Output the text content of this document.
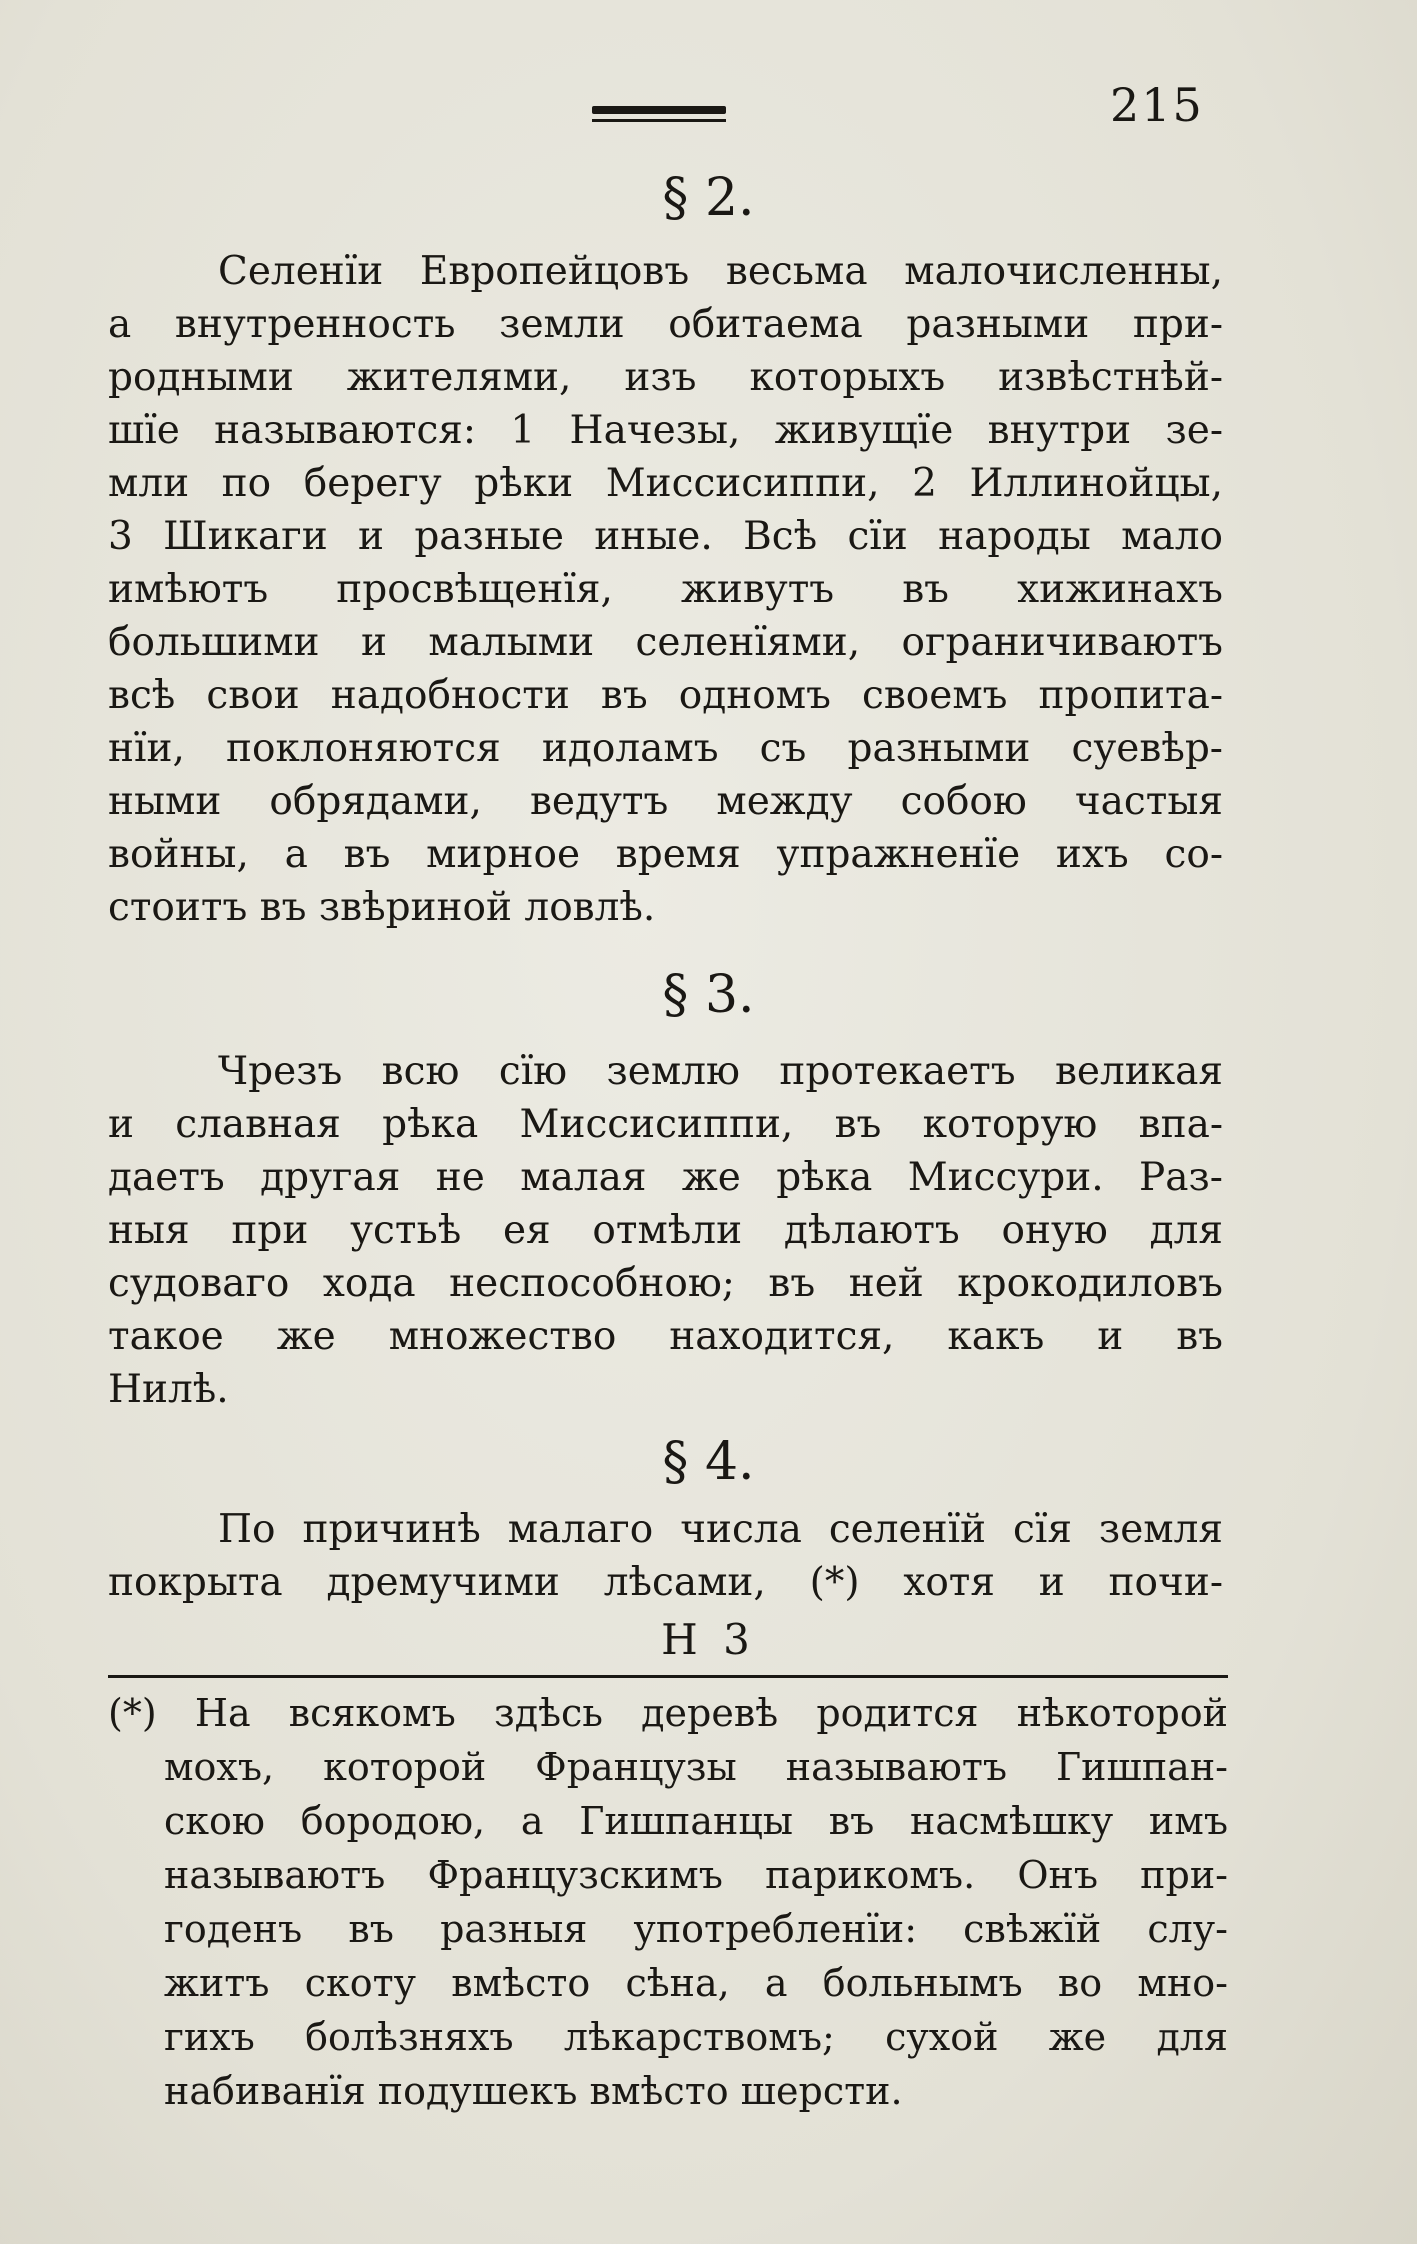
215
§ 2.
Селенїи Европейцовъ весьма малочисленны,
а внутренность земли обитаема разными при-
родными жителями, изъ которыхъ извѣстнѣй-
шїе называются: 1 Начезы, живущїе внутри зе-
мли по берегу рѣки Миссисиппи, 2 Иллинойцы,
3 Шикаги и разные иные. Всѣ сїи народы мало
имѣютъ просвѣщенїя, живутъ въ хижинахъ
большими и малыми селенїями, ограничиваютъ
всѣ свои надобности въ одномъ своемъ пропита-
нїи, поклоняются идоламъ съ разными суевѣр-
ными обрядами, ведутъ между собою частыя
войны, а въ мирное время упражненїе ихъ со-
стоитъ въ звѣриной ловлѣ.
§ 3.
Чрезъ всю сїю землю протекаетъ великая
и славная рѣка Миссисиппи, въ которую впа-
даетъ другая не малая же рѣка Миссури. Раз-
ныя при устьѣ ея отмѣли дѣлаютъ оную для
судоваго хода неспособною; въ ней крокодиловъ
такое же множество находится, какъ и въ
Нилѣ.
§ 4.
По причинѣ малаго числа селенїй сїя земля
покрыта дремучими лѣсами, (*) хотя и почи-
Н 3
(*) На всякомъ здѣсь деревѣ родится нѣкоторой
мохъ, которой Французы называютъ Гишпан-
скою бородою, а Гишпанцы въ насмѣшку имъ
называютъ Французскимъ парикомъ. Онъ при-
годенъ въ разныя употребленїи: свѣжїй слу-
житъ скоту вмѣсто сѣна, а больнымъ во мно-
гихъ болѣзняхъ лѣкарствомъ; сухой же для
набиванїя подушекъ вмѣсто шерсти.
